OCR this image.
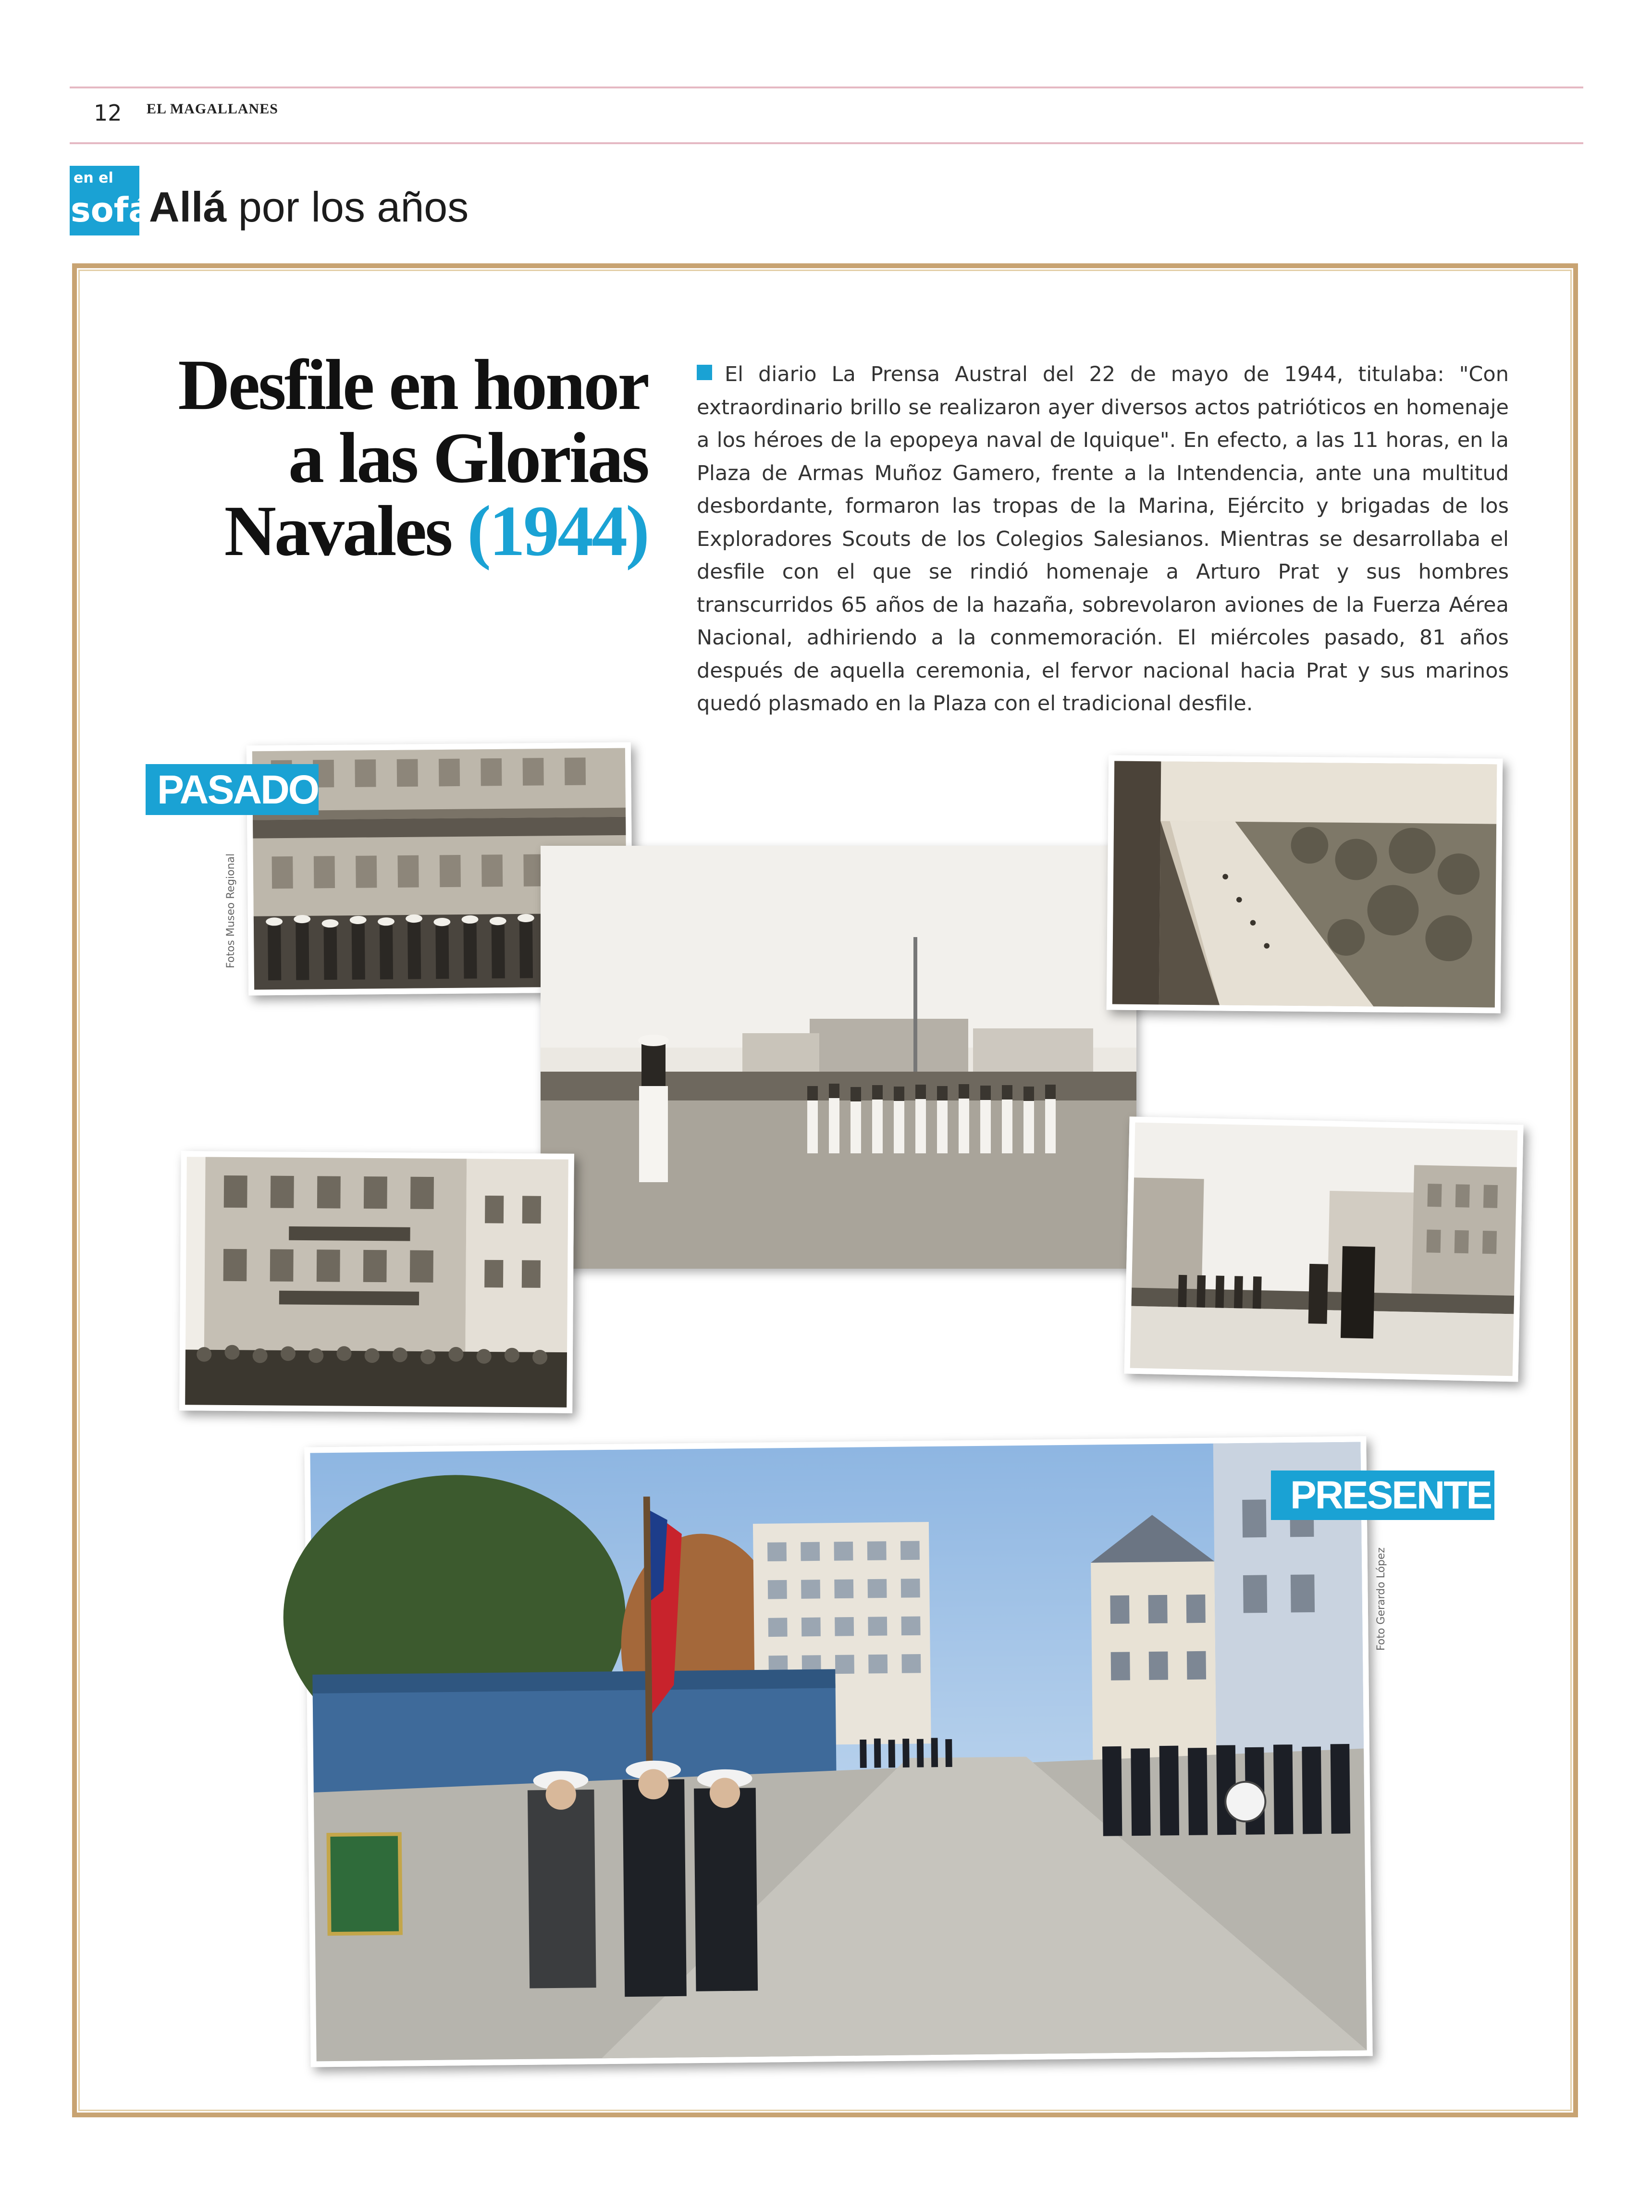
12 EL MAGALLANES
en el
sofá
Allá por los años
Desfile en honor
a las Glorias
Navales (1944)
El diario La Prensa Austral del 22 de mayo de 1944, titulaba: "Con extraordinario brillo se realizaron ayer diversos actos patrióticos en homenaje a los héroes de la epopeya naval de Iquique". En efecto, a las 11 horas, en la Plaza de Armas Muñoz Gamero, frente a la Intendencia, ante una multitud desbordante, formaron las tropas de la Marina, Ejército y brigadas de los Exploradores Scouts de los Colegios Salesianos. Mientras se desarrollaba el desfile con el que se rindió homenaje a Arturo Prat y sus hombres transcurridos 65 años de la hazaña, sobrevolaron aviones de la Fuerza Aérea Nacional, adhiriendo a la conmemoración. El miércoles pasado, 81 años después de aquella ceremonia, el fervor nacional hacia Prat y sus marinos quedó plasmado en la Plaza con el tradicional desfile.
PASADO
PRESENTE
Fotos Museo Regional
Foto Gerardo López
